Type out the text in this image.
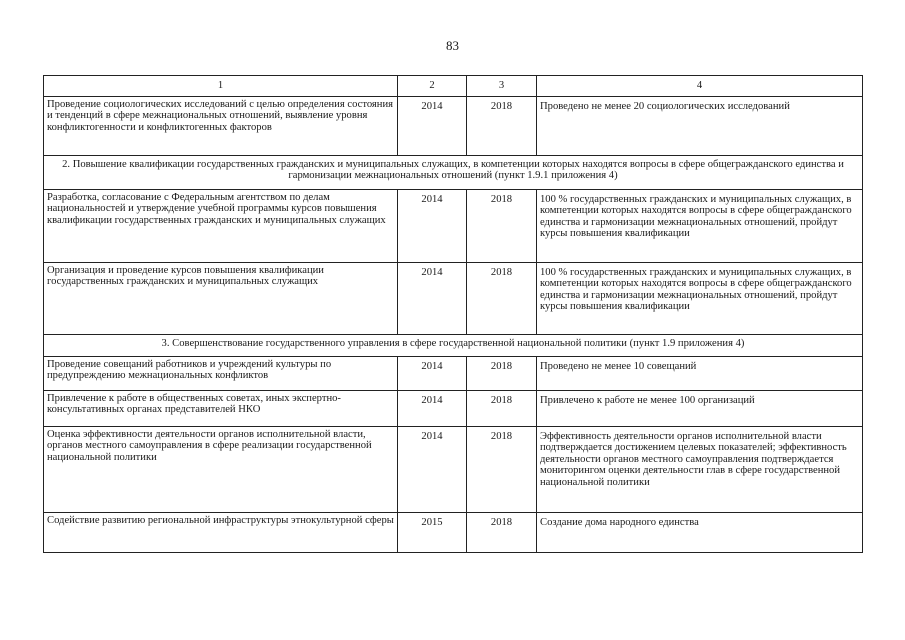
83
1	2	3	4
Проведение социологических исследований с целью определения состояния и тенденций в сфере межнациональных отношений, выявление уровня конфликтогенности и конфликтогенных факторов	2014	2018	Проведено не менее 20 социологических исследований

2. Повышение квалификации государственных гражданских и муниципальных служащих, в компетенции которых находятся вопросы в сфере общегражданского единства и гармонизации межнациональных отношений (пункт 1.9.1 приложения 4)			
Разработка, согласование с Федеральным агентством по делам национальностей и утверждение учебной программы курсов повышения квалификации государственных гражданских и муниципальных служащих	2014	2018	100 % государственных гражданских и муниципальных служащих, в компетенции которых находятся вопросы в сфере общегражданского единства и гармонизации межнациональных отношений, пройдут курсы повышения квалификации

Организация и проведение курсов повышения квалификации государственных гражданских и муниципальных служащих	2014	2018	100 % государственных гражданских и муниципальных служащих, в компетенции которых находятся вопросы в сфере общегражданского единства и гармонизации межнациональных отношений, пройдут курсы повышения квалификации

3. Совершенствование государственного управления в сфере государственной национальной политики (пункт 1.9 приложения 4)			
Проведение совещаний работников и учреждений культуры по предупреждению межнациональных конфликтов	2014	2018	Проведено не менее 10 совещаний

Привлечение к работе в общественных советах, иных экспертно-консультативных органах представителей НКО	2014	2018	Привлечено к работе не менее 100 организаций

Оценка эффективности деятельности органов исполнительной власти, органов местного самоуправления в сфере реализации государственной национальной политики	2014	2018	Эффективность деятельности органов исполнительной власти подтверждается достижением целевых показателей; эффективность деятельности органов местного самоуправления подтверждается мониторингом оценки деятельности глав в сфере государственной национальной политики

Содействие развитию региональной инфраструктуры этнокультурной сферы	2015	2018	Создание дома народного единства
